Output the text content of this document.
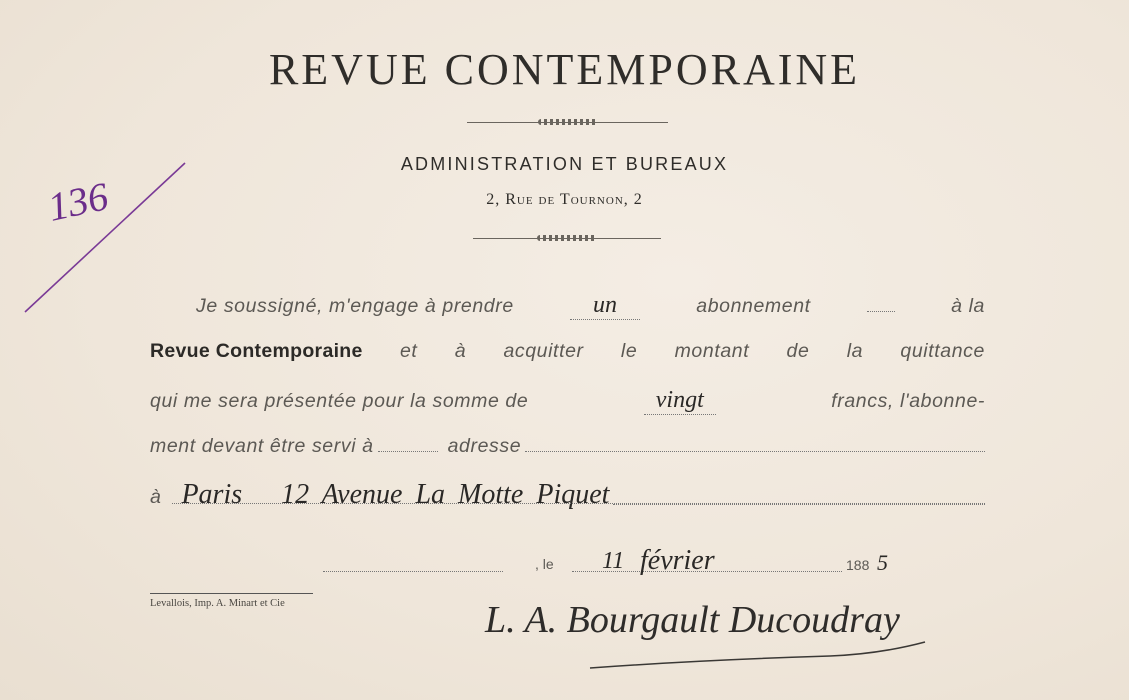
REVUE CONTEMPORAINE
ADMINISTRATION ET BUREAUX
2, Rue de Tournon, 2
136
Je soussigné, m'engage à prendre	un	abonnement	à la
Revue Contemporaine et à acquitter le montant de la quittance
qui me sera présentée pour la somme de	vingt	francs, l'abonne-
ment devant être servi à	adresse
à Paris   12 Avenue La Motte Piquet
, le 11 février	188 5
Levallois, Imp. A. Minart et Cie	L. A. Bourgault Ducoudray
